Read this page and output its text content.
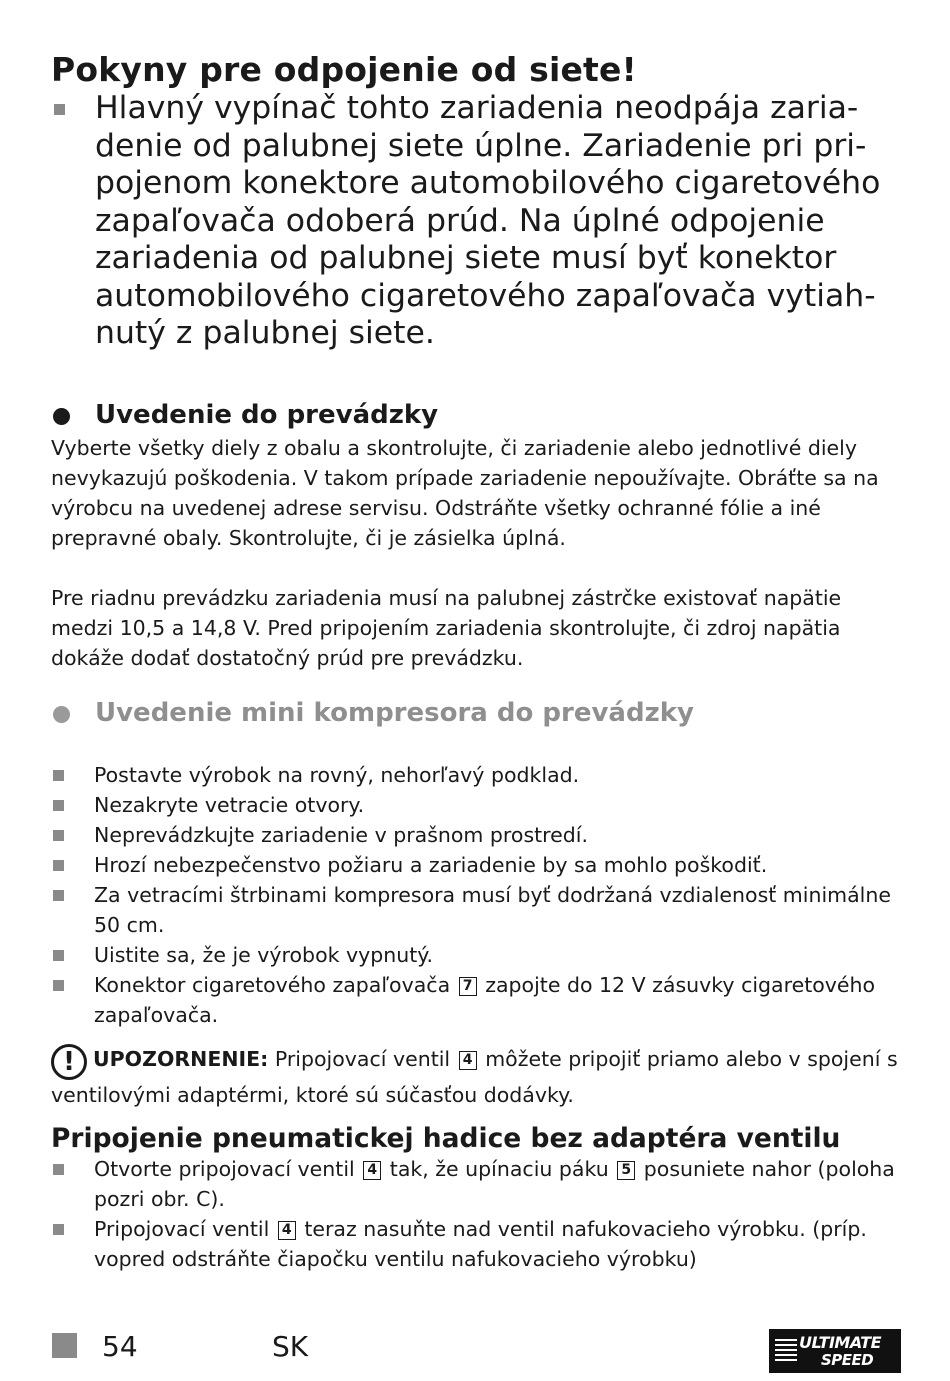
Pokyny pre odpojenie od siete!

Hlavný vypínač tohto zariadenia neodpája zaria-denie od palubnej siete úplne. Zariadenie pri pri-pojenom konektore automobilového cigaretového zapaľovača odoberá prúd. Na úplné odpojenie zariadenia od palubnej siete musí byť konektor automobilového cigaretového zapaľovača vytiah-nutý z palubnej siete.

Uvedenie do prevádzky

Vyberte všetky diely z obalu a skontrolujte, či zariadenie alebo jednotlivé diely nevykazujú poškodenia. V takom prípade zariadenie nepoužívajte. Obráťte sa na výrobcu na uvedenej adrese servisu. Odstráňte všetky ochranné fólie a iné prepravné obaly. Skontrolujte, či je zásielka úplná.

Pre riadnu prevádzku zariadenia musí na palubnej zástrčke existovať napätie medzi 10,5 a 14,8 V. Pred pripojením zariadenia skontrolujte, či zdroj napätia dokáže dodať dostatočný prúd pre prevádzku.

Uvedenie mini kompresora do prevádzky
Postavte výrobok na rovný, nehorľavý podklad.
Nezakryte vetracie otvory.
Neprevádzkujte zariadenie v prašnom prostredí.
Hrozí nebezpečenstvo požiaru a zariadenie by sa mohlo poškodiť.
Za vetracími štrbinami kompresora musí byť dodržaná vzdialenosť minimálne 50 cm.
Uistite sa, že je výrobok vypnutý.
Konektor cigaretového zapaľovača 7 zapojte do 12 V zásuvky cigaretového zapaľovača.

! UPOZORNENIE: Pripojovací ventil 4 môžete pripojiť priamo alebo v spojení s ventilovými adaptérmi, ktoré sú súčasťou dodávky.

Pripojenie pneumatickej hadice bez adaptéra ventilu
Otvorte pripojovací ventil 4 tak, že upínaciu páku 5 posuniete nahor (poloha pozri obr. C).
Pripojovací ventil 4 teraz nasuňte nad ventil nafukovacieho výrobku. (príp. vopred odstráňte čiapočku ventilu nafukovacieho výrobku)
54	SK	ULTIMATE
SPEED
